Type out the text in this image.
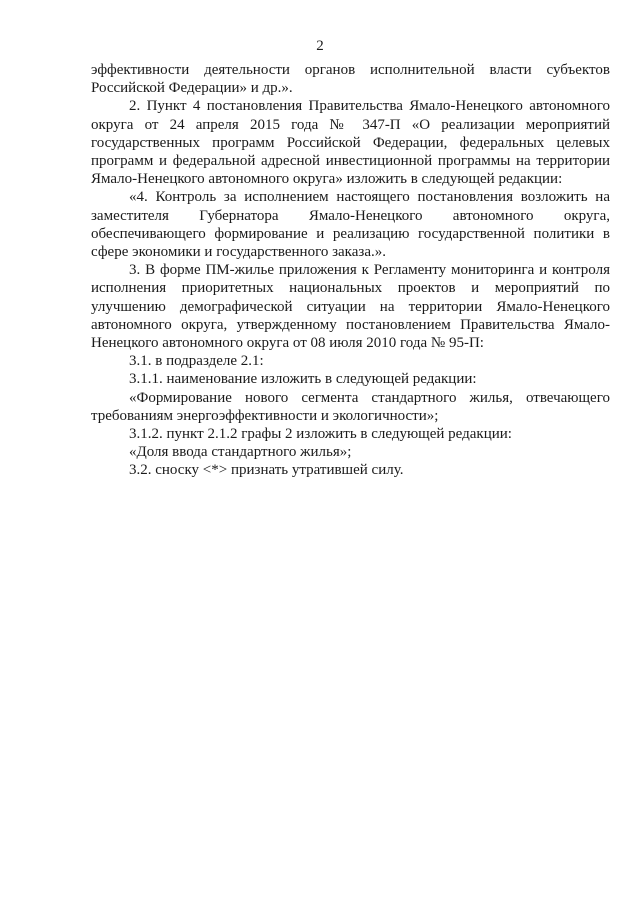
2

эффективности деятельности органов исполнительной власти субъектов Российской Федерации» и др.».

2. Пункт 4 постановления Правительства Ямало-Ненецкого автономного округа от 24 апреля 2015 года № 347-П «О реализации мероприятий государственных программ Российской Федерации, федеральных целевых программ и федеральной адресной инвестиционной программы на территории Ямало-Ненецкого автономного округа» изложить в следующей редакции:

«4. Контроль за исполнением настоящего постановления возложить на заместителя Губернатора Ямало-Ненецкого автономного округа, обеспечивающего формирование и реализацию государственной политики в сфере экономики и государственного заказа.».

3. В форме ПМ-жилье приложения к Регламенту мониторинга и контроля исполнения приоритетных национальных проектов и мероприятий по улучшению демографической ситуации на территории Ямало-Ненецкого автономного округа, утвержденному постановлением Правительства Ямало-Ненецкого автономного округа от 08 июля 2010 года № 95-П:

3.1. в подразделе 2.1:

3.1.1. наименование изложить в следующей редакции:

«Формирование нового сегмента стандартного жилья, отвечающего требованиям энергоэффективности и экологичности»;

3.1.2. пункт 2.1.2 графы 2 изложить в следующей редакции:

«Доля ввода стандартного жилья»;

3.2. сноску <*> признать утратившей силу.
